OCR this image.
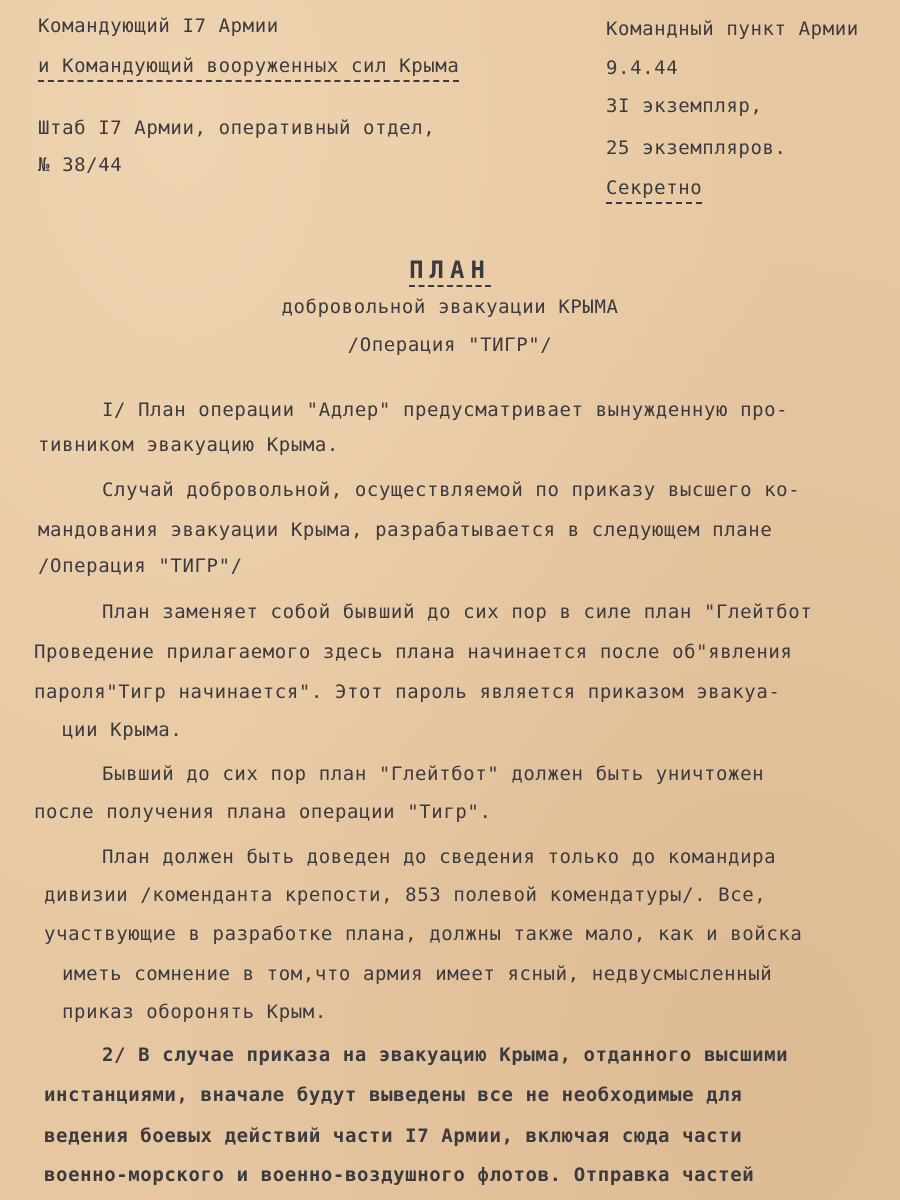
Командующий I7 Армии
и Командующий вооруженных сил Крыма
Штаб I7 Армии, оперативный отдел,
№ 38/44
Командный пункт Армии
9.4.44
3I экземпляр,
25 экземпляров.
Секретно
ПЛАН
добровольной эвакуации КРЫМА
/Операция "ТИГР"/
I/ План операции "Адлер" предусматривает вынужденную про-
тивником эвакуацию Крыма.
Случай добровольной, осуществляемой по приказу высшего ко-
мандования эвакуации Крыма, разрабатывается в следующем плане
/Операция "ТИГР"/
План заменяет собой бывший до сих пор в силе план "Глейтбот
Проведение прилагаемого здесь плана начинается после об"явления
пароля"Тигр начинается". Этот пароль является приказом эвакуа-
ции Крыма.
Бывший до сих пор план "Глейтбот" должен быть уничтожен
после получения плана операции "Тигр".
План должен быть доведен до сведения только до командира
дивизии /коменданта крепости, 853 полевой комендатуры/. Все,
участвующие в разработке плана, должны также мало, как и войска
иметь сомнение в том,что армия имеет ясный, недвусмысленный
приказ оборонять Крым.
2/ В случае приказа на эвакуацию Крыма, отданного высшими
инстанциями, вначале будут выведены все не необходимые для
ведения боевых действий части I7 Армии, включая сюда части
военно-морского и военно-воздушного флотов. Отправка частей
